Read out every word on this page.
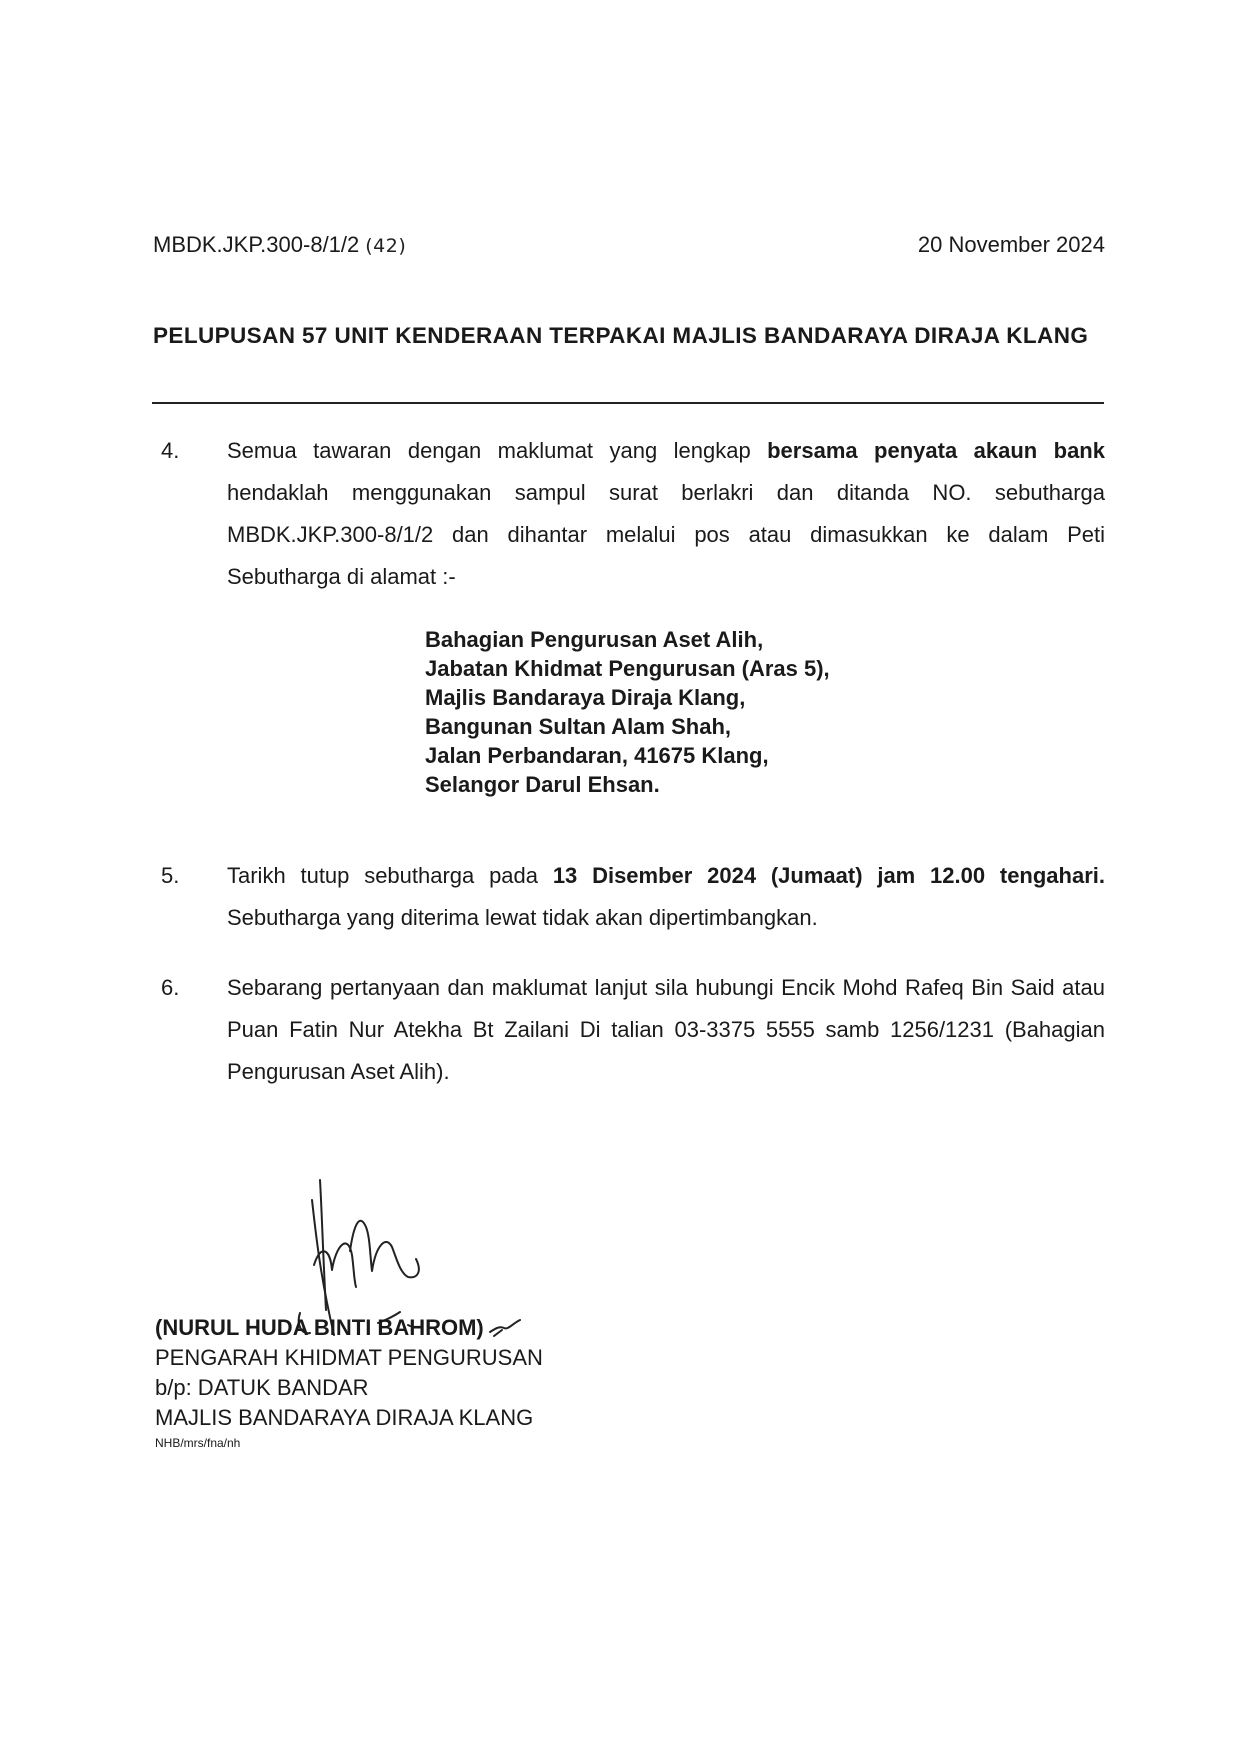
MBDK.JKP.300-8/1/2 (42)	20 November 2024
PELUPUSAN 57 UNIT KENDERAAN TERPAKAI MAJLIS BANDARAYA DIRAJA KLANG
4.	Semua tawaran dengan maklumat yang lengkap bersama penyata akaun bank hendaklah menggunakan sampul surat berlakri dan ditanda NO. sebutharga MBDK.JKP.300-8/1/2 dan dihantar melalui pos atau dimasukkan ke dalam Peti Sebutharga di alamat :-
Bahagian Pengurusan Aset Alih,
Jabatan Khidmat Pengurusan (Aras 5),
Majlis Bandaraya Diraja Klang,
Bangunan Sultan Alam Shah,
Jalan Perbandaran, 41675 Klang,
Selangor Darul Ehsan.
5.	Tarikh tutup sebutharga pada 13 Disember 2024 (Jumaat) jam 12.00 tengahari. Sebutharga yang diterima lewat tidak akan dipertimbangkan.
6.	Sebarang pertanyaan dan maklumat lanjut sila hubungi Encik Mohd Rafeq Bin Said atau Puan Fatin Nur Atekha Bt Zailani Di talian 03-3375 5555 samb 1256/1231 (Bahagian Pengurusan Aset Alih).
(NURUL HUDA BINTI BAHROM)
PENGARAH KHIDMAT PENGURUSAN
b/p: DATUK BANDAR
MAJLIS BANDARAYA DIRAJA KLANG
NHB/mrs/fna/nh
